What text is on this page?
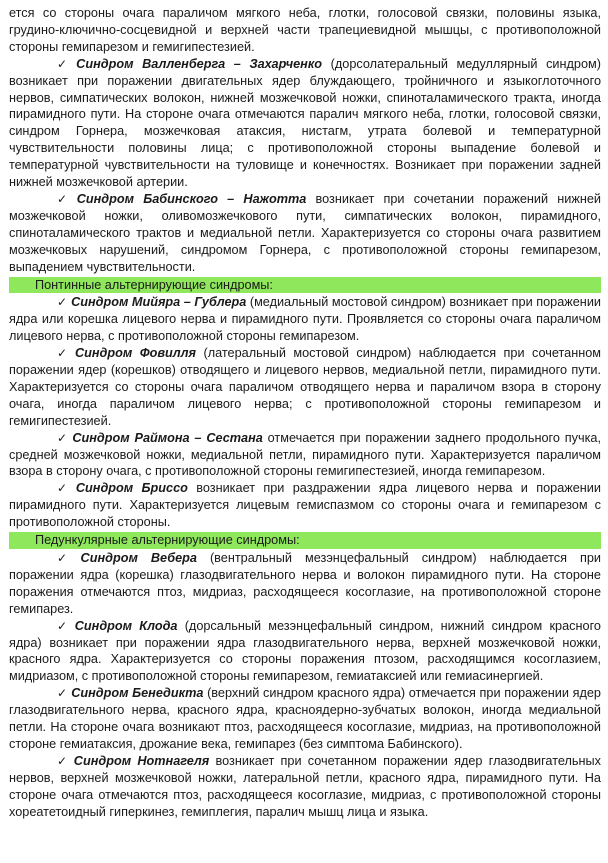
ется со стороны очага параличом мягкого неба, глотки, голосовой связки, половины языка, грудино-ключично-сосцевидной и верхней части трапециевидной мышцы, с противоположной стороны гемипарезом и гемигипестезией.

✓ Синдром Валленберга – Захарченко (дорсолатеральный медуллярный синдром) возникает при поражении двигательных ядер блуждающего, тройничного и языкоглоточного нервов, симпатических волокон, нижней мозжечковой ножки, спиноталамического тракта, иногда пирамидного пути. На стороне очага отмечаются паралич мягкого неба, глотки, голосовой связки, синдром Горнера, мозжечковая атаксия, нистагм, утрата болевой и температурной чувствительности половины лица; с противоположной стороны выпадение болевой и температурной чувствительности на туловище и конечностях. Возникает при поражении задней нижней мозжечковой артерии.

✓ Синдром Бабинского – Нажотта возникает при сочетании поражений нижней мозжечковой ножки, оливомозжечкового пути, симпатических волокон, пирамидного, спиноталамического трактов и медиальной петли. Характеризуется со стороны очага развитием мозжечковых нарушений, синдромом Горнера, с противоположной стороны гемипарезом, выпадением чувствительности.

Понтинные альтернирующие синдромы:

✓ Синдром Мийяра – Гублера (медиальный мостовой синдром) возникает при поражении ядра или корешка лицевого нерва и пирамидного пути. Проявляется со стороны очага параличом лицевого нерва, с противоположной стороны гемипарезом.

✓ Синдром Фовилля (латеральный мостовой синдром) наблюдается при сочетанном поражении ядер (корешков) отводящего и лицевого нервов, медиальной петли, пирамидного пути. Характеризуется со стороны очага параличом отводящего нерва и параличом взора в сторону очага, иногда параличом лицевого нерва; с противоположной стороны гемипарезом и гемигипестезией.

✓ Синдром Раймона – Сестана отмечается при поражении заднего продольного пучка, средней мозжечковой ножки, медиальной петли, пирамидного пути. Характеризуется параличом взора в сторону очага, с противоположной стороны гемигипестезией, иногда гемипарезом.

✓ Синдром Бриссо возникает при раздражении ядра лицевого нерва и поражении пирамидного пути. Характеризуется лицевым гемиспазмом со стороны очага и гемипарезом с противоположной стороны.

Педункулярные альтернирующие синдромы:

✓ Синдром Вебера (вентральный мезэнцефальный синдром) наблюдается при поражении ядра (корешка) глазодвигательного нерва и волокон пирамидного пути. На стороне поражения отмечаются птоз, мидриаз, расходящееся косоглазие, на противоположной стороне гемипарез.

✓ Синдром Клода (дорсальный мезэнцефальный синдром, нижний синдром красного ядра) возникает при поражении ядра глазодвигательного нерва, верхней мозжечковой ножки, красного ядра. Характеризуется со стороны поражения птозом, расходящимся косоглазием, мидриазом, с противоположной стороны гемипарезом, гемиатаксией или гемиасинергией.

✓ Синдром Бенедикта (верхний синдром красного ядра) отмечается при поражении ядер глазодвигательного нерва, красного ядра, красноядерно-зубчатых волокон, иногда медиальной петли. На стороне очага возникают птоз, расходящееся косоглазие, мидриаз, на противоположной стороне гемиатаксия, дрожание века, гемипарез (без симптома Бабинского).

✓ Синдром Нотнагеля возникает при сочетанном поражении ядер глазодвигательных нервов, верхней мозжечковой ножки, латеральной петли, красного ядра, пирамидного пути. На стороне очага отмечаются птоз, расходящееся косоглазие, мидриаз, с противоположной стороны хореатетоидный гиперкинез, гемиплегия, паралич мышц лица и языка.
